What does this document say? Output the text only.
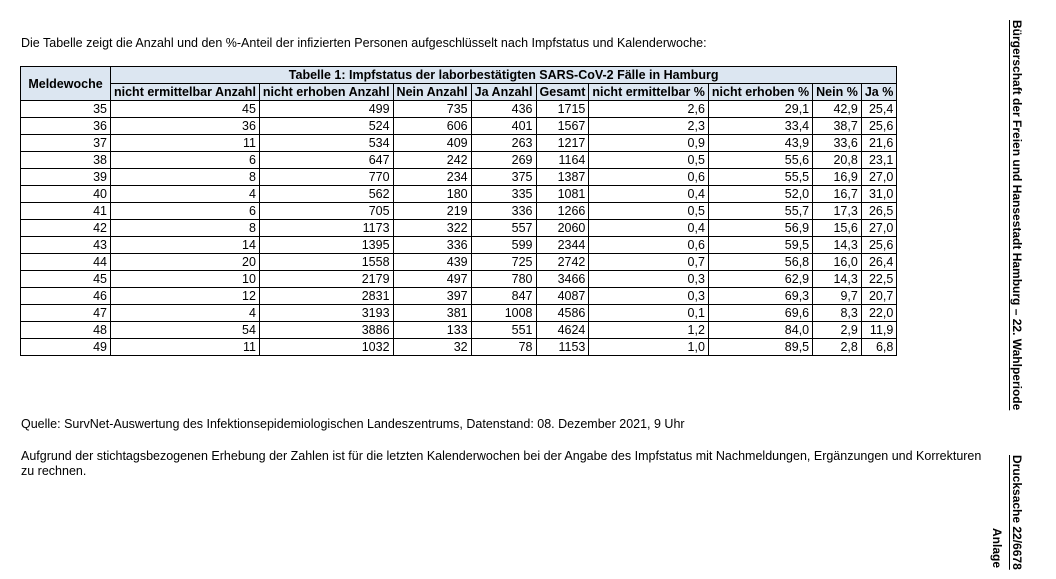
Die Tabelle zeigt die Anzahl und den %-Anteil der infizierten Personen aufgeschlüsselt nach Impfstatus und Kalenderwoche:
Meldewoche	Tabelle 1: Impfstatus der laborbestätigten SARS-CoV-2 Fälle in Hamburg								
	nicht ermittelbar Anzahl	nicht erhoben Anzahl	Nein Anzahl	Ja Anzahl	Gesamt	nicht ermittelbar %	nicht erhoben %	Nein %	Ja %
35	45	499	735	436	1715	2,6	29,1	42,9	25,4
36	36	524	606	401	1567	2,3	33,4	38,7	25,6
37	11	534	409	263	1217	0,9	43,9	33,6	21,6
38	6	647	242	269	1164	0,5	55,6	20,8	23,1
39	8	770	234	375	1387	0,6	55,5	16,9	27,0
40	4	562	180	335	1081	0,4	52,0	16,7	31,0
41	6	705	219	336	1266	0,5	55,7	17,3	26,5
42	8	1173	322	557	2060	0,4	56,9	15,6	27,0
43	14	1395	336	599	2344	0,6	59,5	14,3	25,6
44	20	1558	439	725	2742	0,7	56,8	16,0	26,4
45	10	2179	497	780	3466	0,3	62,9	14,3	22,5
46	12	2831	397	847	4087	0,3	69,3	9,7	20,7
47	4	3193	381	1008	4586	0,1	69,6	8,3	22,0
48	54	3886	133	551	4624	1,2	84,0	2,9	11,9
49	11	1032	32	78	1153	1,0	89,5	2,8	6,8
Quelle: SurvNet-Auswertung des Infektionsepidemiologischen Landeszentrums, Datenstand: 08. Dezember 2021, 9 Uhr
Aufgrund der stichtagsbezogenen Erhebung der Zahlen ist für die letzten Kalenderwochen bei der Angabe des Impfstatus mit Nachmeldungen, Ergänzungen und Korrekturen zu rechnen.
Bürgerschaft der Freien und Hansestadt Hamburg – 22. Wahlperiode
Drucksache 22/6678
Anlage
